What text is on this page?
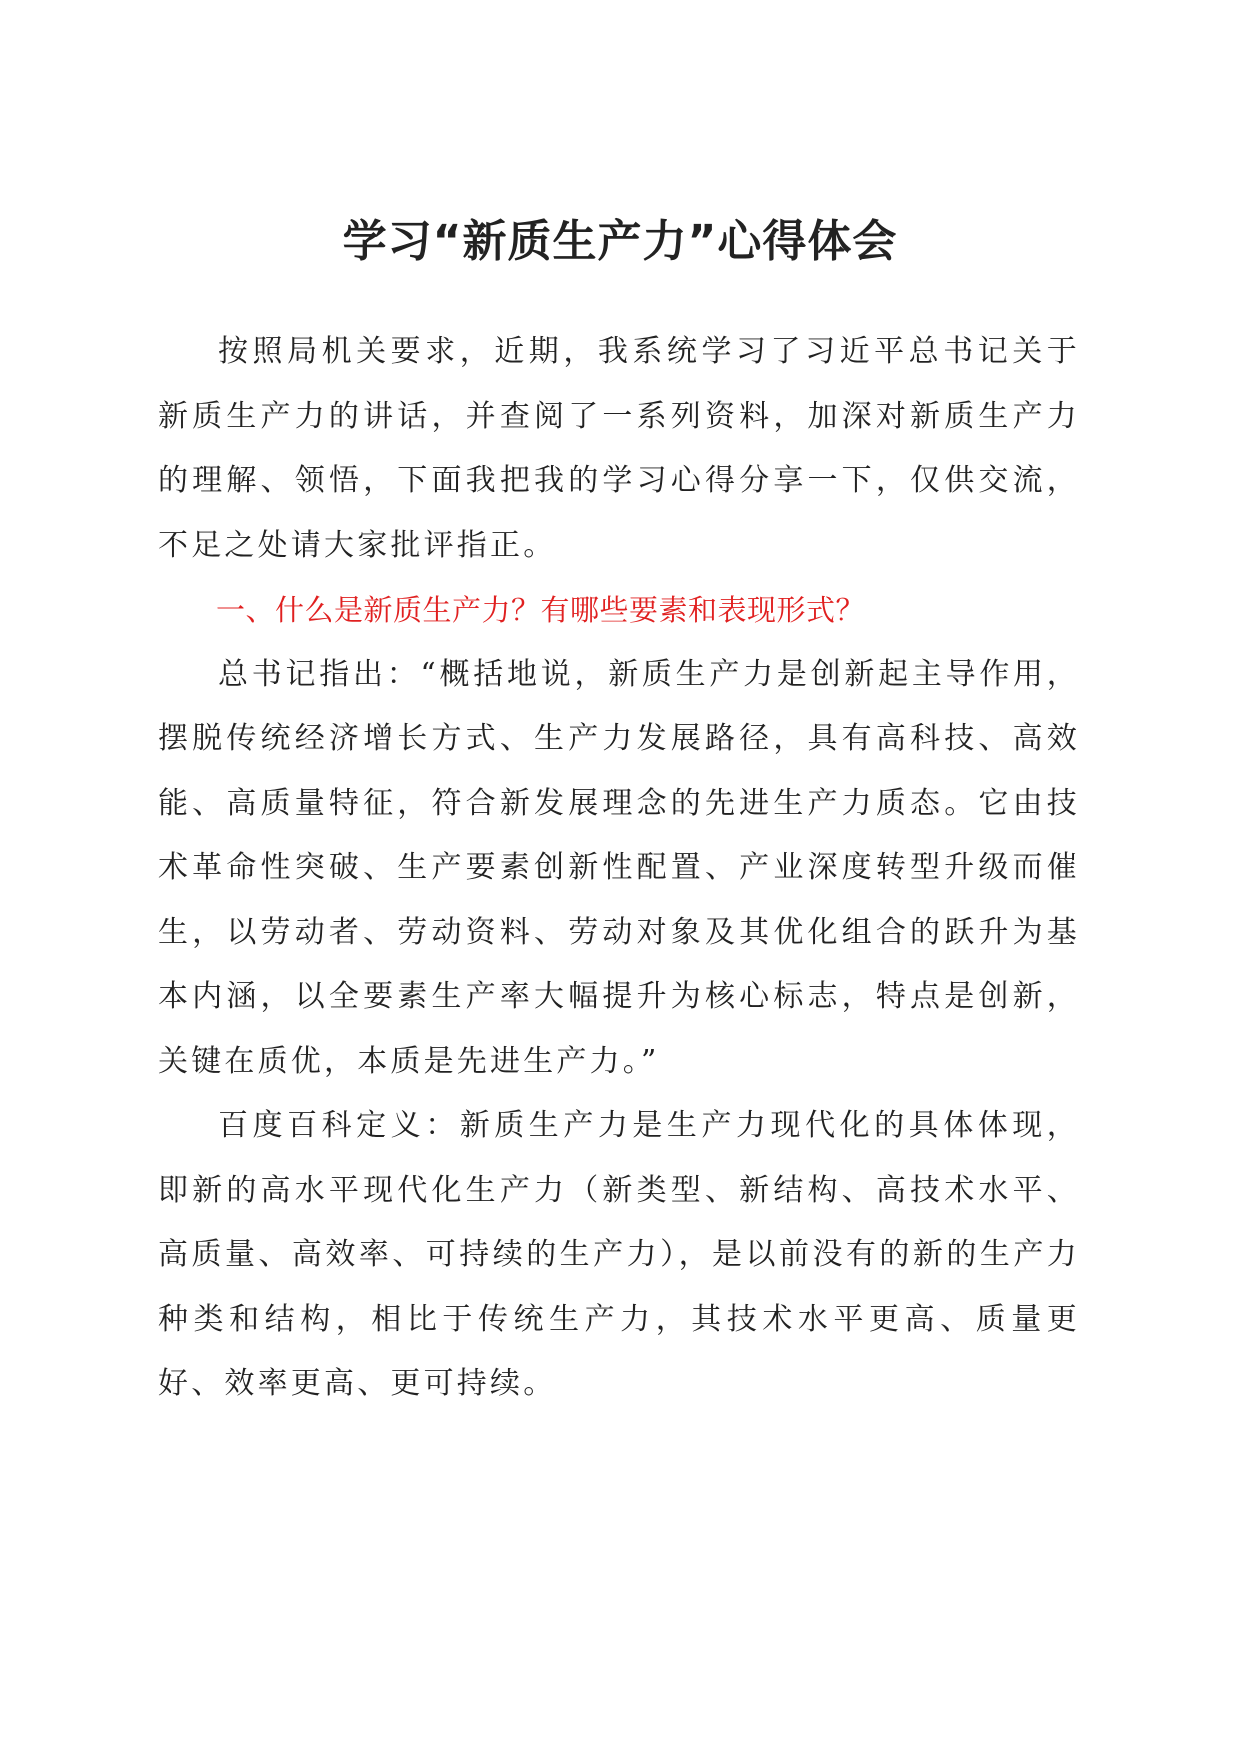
学习“新质生产力”心得体会

按照局机关要求，近期，我系统学习了习近平总书记关于新质生产力的讲话，并查阅了一系列资料，加深对新质生产力的理解、领悟，下面我把我的学习心得分享一下，仅供交流，不足之处请大家批评指正。

一、什么是新质生产力？有哪些要素和表现形式？

总书记指出：“概括地说，新质生产力是创新起主导作用，摆脱传统经济增长方式、生产力发展路径，具有高科技、高效能、高质量特征，符合新发展理念的先进生产力质态。它由技术革命性突破、生产要素创新性配置、产业深度转型升级而催生，以劳动者、劳动资料、劳动对象及其优化组合的跃升为基本内涵，以全要素生产率大幅提升为核心标志，特点是创新，关键在质优，本质是先进生产力。”

百度百科定义：新质生产力是生产力现代化的具体体现，即新的高水平现代化生产力（新类型、新结构、高技术水平、高质量、高效率、可持续的生产力），是以前没有的新的生产力种类和结构，相比于传统生产力，其技术水平更高、质量更好、效率更高、更可持续。
